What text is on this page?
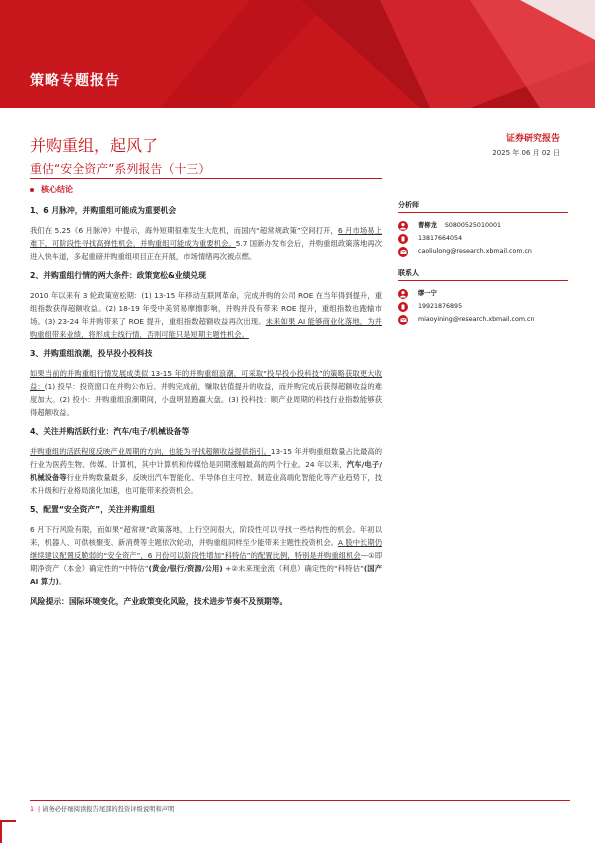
策略专题报告
并购重组，起风了
重估“安全资产”系列报告（十三）
证券研究报告
2025 年 06 月 02 日
核心结论
1、6 月脉冲，并购重组可能成为重要机会
我们在 5.25《6 月脉冲》中提示，海外短期很难发生大危机，而国内“超常规政策”空间打开，6 月市场易上难下，可阶段性寻找高弹性机会，并购重组可能成为重要机会。5.7 国新办发布会后，并购重组政策落地再次进入快车道，多起重磅并购重组项目正在开展，市场情绪再次被点燃。
2、并购重组行情的两大条件：政策宽松&业绩兑现
2010 年以来有 3 轮政策宽松期：(1) 13-15 年移动互联网革命，完成并购的公司 ROE 在当年得到提升，重组指数获得超额收益。(2) 18-19 年受中美贸易摩擦影响，并购并没有带来 ROE 提升，重组指数也跑输市场。(3) 23-24 年并购带来了 ROE 提升，重组指数超额收益再次出现。未来如果 AI 能够商业化落地，为并购重组带来业绩，将形成主线行情，否则可能只是短期主题性机会。
3、并购重组浪潮，投早投小投科技
如果当前的并购重组行情发展成类似 13-15 年的并购重组浪潮，可采取“投早投小投科技”的策略获取更大收益：(1) 投早：投资窗口在并购公布后、并购完成前，赚取估值提升的收益，而并购完成后获得超额收益的难度加大。(2) 投小：并购重组浪潮期间，小盘明显跑赢大盘。(3) 投科技：顺产业周期的科技行业指数能够获得超额收益。
4、关注并购活跃行业：汽车/电子/机械设备等
并购重组的活跃程度反映产业周期的方向，也能为寻找超额收益提供指引。13-15 年并购重组数量占比最高的行业为医药生物、传媒、计算机，其中计算机和传媒恰是同期涨幅最高的两个行业。24 年以来，汽车/电子/机械设备等行业并购数量最多，反映出汽车智能化、半导体自主可控、制造业高端化智能化等产业趋势下，技术升级和行业格局演化加速，也可能带来投资机会。
5、配置“安全资产”，关注并购重组
6 月下行风险有限，而如果“超常规”政策落地，上行空间很大，阶段性可以寻找一些结构性的机会。年初以来，机器人、可供核聚变、新消费等主题依次轮动，并购重组同样至少能带来主题性投资机会。A 股中长期仍继续建议配置反脆弱的“安全资产”，6 月份可以阶段性增加“科特估”的配置比例，特别是并购重组机会—①即期净资产（本金）确定性的“中特估”(黄金/银行/资源/公用) +②未来现金流（利息）确定性的“科特估”(国产 AI 算力)。
风险提示：国际环境变化，产业政策变化风险，技术进步节奏不及预期等。
分析师
曹柳龙 S0800525010001
13817664054
caoliulong@research.xbmail.com.cn
联系人
缪一宁
19921876895
miaoyining@research.xbmail.com.cn
1 | 请务必仔细阅读报告尾部的投资评级说明和声明
